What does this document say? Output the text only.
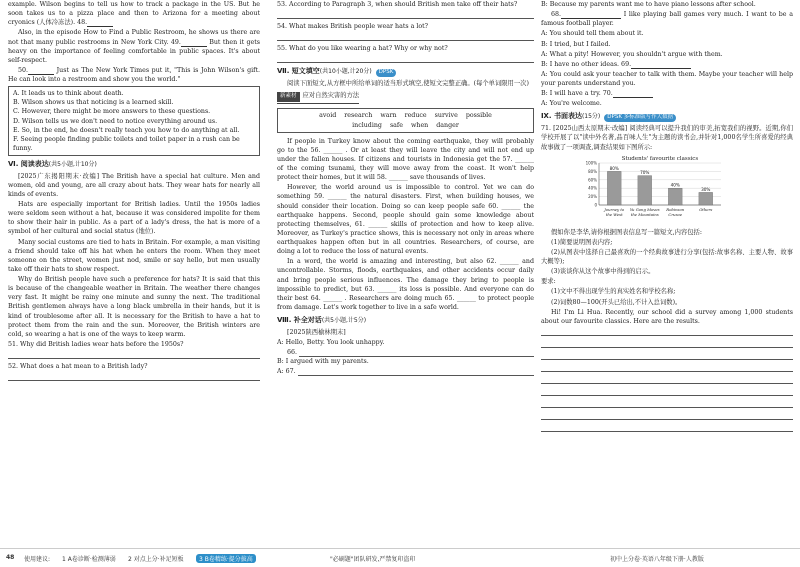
example. Wilson begins to tell us how to track a package in the US. But he soon takes us to a pizza place and then to Arizona for a meeting about cryonics (人体冷冻法). 48.

Also, in the episode How to Find a Public Restroom, he shows us there are not that many public restrooms in New York City. 49.	But then it gets heavy on the importance of feeling comfortable in public spaces. It's about self-respect.

50.	Just as The New York Times put it, "This is John Wilson's gift. He can look into a restroom and show you the world."

A. It leads us to think about death.
B. Wilson shows us that noticing is a learned skill.
C. However, there might be more answers to these questions.
D. Wilson tells us we don't need to notice everything around us.
E. So, in the end, he doesn't really teach you how to do anything at all.
F. Seeing people finding public toilets and toilet paper in a rush can be funny.
Ⅵ. 阅读表达(共5小题,计10分)

[2025广东揭阳期末·改编] The British have a special hat culture. Men and women, old and young, are all crazy about hats. They wear hats for nearly all kinds of events.

Hats are especially important for British ladies. Until the 1950s ladies were seldom seen without a hat, because it was considered impolite for them to show their hair in public. As a part of a lady's dress, the hat is more of a symbol of her cultural and social status (地位).

Many social customs are tied to hats in Britain. For example, a man visiting a friend should take off his hat when he enters the room. When they meet someone on the street, women just nod, smile or say hello, but men usually take off their hats to show respect.

Why do British people have such a preference for hats? It is said that this is because of the changeable weather in Britain. The weather there changes very fast. It might be rainy one minute and sunny the next. The traditional British gentlemen always have a long black umbrella in their hands, but it is kind of troublesome after all. It is necessary for the British to have a hat to protect them from the rain and the sun. Moreover, the British winters are cold, so wearing a hat is one of the ways to keep warm.

51. Why did British ladies wear hats before the 1950s?

52. What does a hat mean to a British lady?

53. According to Paragraph 3, when should British men take off their hats?

54. What makes British people wear hats a lot?

55. What do you like wearing a hat? Why or why not?

Ⅶ. 短文填空(共10小题,计20分) DPSK

阅读下面短文,从方框中所给单词的适当形式填空,使短文完整正确。(每个单词限用一次)

新素材 应对自然灾害的方法
avoid research warn reduce survive possible
including safe when danger

If people in Turkey know about the coming earthquake, they will probably go to the 56. ______ . Or at least they will leave the city and will not end up under the fallen houses. If citizens and tourists in Indonesia get the 57. ______ of the coming tsunami, they will move away from the coast. It won't help protect their homes, but it will 58. ______ save thousands of lives.

However, the world around us is impossible to control. Yet we can do something 59. ______ the natural disasters. First, when building houses, we should consider their location. Doing so can keep people safe 60. ______ the earthquake happens. Second, people should gain some knowledge about protecting themselves, 61. ______ skills of protection and how to keep alive. Moreover, as Turkey's practice shows, this is necessary not only in areas where earthquakes happen often but in all countries. Researchers, of course, are doing a lot to reduce the loss of natural events.

In a word, the world is amazing and interesting, but also 62. ______ and uncontrollable. Storms, floods, earthquakes, and other accidents occur daily and bring people serious influences. The damage they bring to people is impossible to predict, but 63. ______ its loss is possible. And everyone can do their best 64. ______ . Researchers are doing much 65. ______ to protect people from damage. Let's work together to live in a safe world.

Ⅷ. 补全对话(共5小题,计5分)

[2025陕西榆林期末]

A: Hello, Betty. You look unhappy.

66.

B: I argued with my parents.

A: 67.

B: Because my parents want me to have piano lessons after school.

68.	I like playing ball games very much. I want to be a famous football player.

A: You should tell them about it.

B: I tried, but I failed.

A: What a pity! However, you shouldn't argue with them.

B: I have no other ideas. 69.

A: You could ask your teacher to talk with them. Maybe your teacher will help your parents understand you.

B: I will have a try. 70.

A: You're welcome.

Ⅸ. 书面表达(15分) DPSK 多标准版写作大数据

71. [2025山西太原期末·改编] 阅读经典可以提升我们的审美,拓宽我们的视野。近期,你们学校开展了以"读中外名著,品百味人生"为主题的读书会,并针对1,000名学生所喜爱的经典故事做了一项调查,调查结果如下图所示:

Students' favourite classics
0
20%
40%
60%
80%
100%
80%
Journey to
the West
70%
Yu Gong Moves
the Mountains
40%
Robinson
Crusoe
30%
Others

假如你是李华,请你根据图表信息写一篇短文,内容包括:

(1)简要说明图表内容;

(2)从图表中选择自己最喜欢的一个经典故事进行分享(包括:故事名称、主要人物、故事大概等);

(3)谈谈你从这个故事中得到的启示。

要求:

(1)文中不得出现学生的真实姓名和学校名称;

(2)词数80—100(开头已给出,不计入总词数)。

Hi! I'm Li Hua. Recently, our school did a survey among 1,000 students about our favourite classics. Here are the results.

48 使用建议: 1 A卷诊断·检测薄弱 2 对点上分·补足短板	3 B卷精练·提分拔高	"必刷题"团队研发,严禁复印盗印	初中上分卷·英语八年级下册·人教版
